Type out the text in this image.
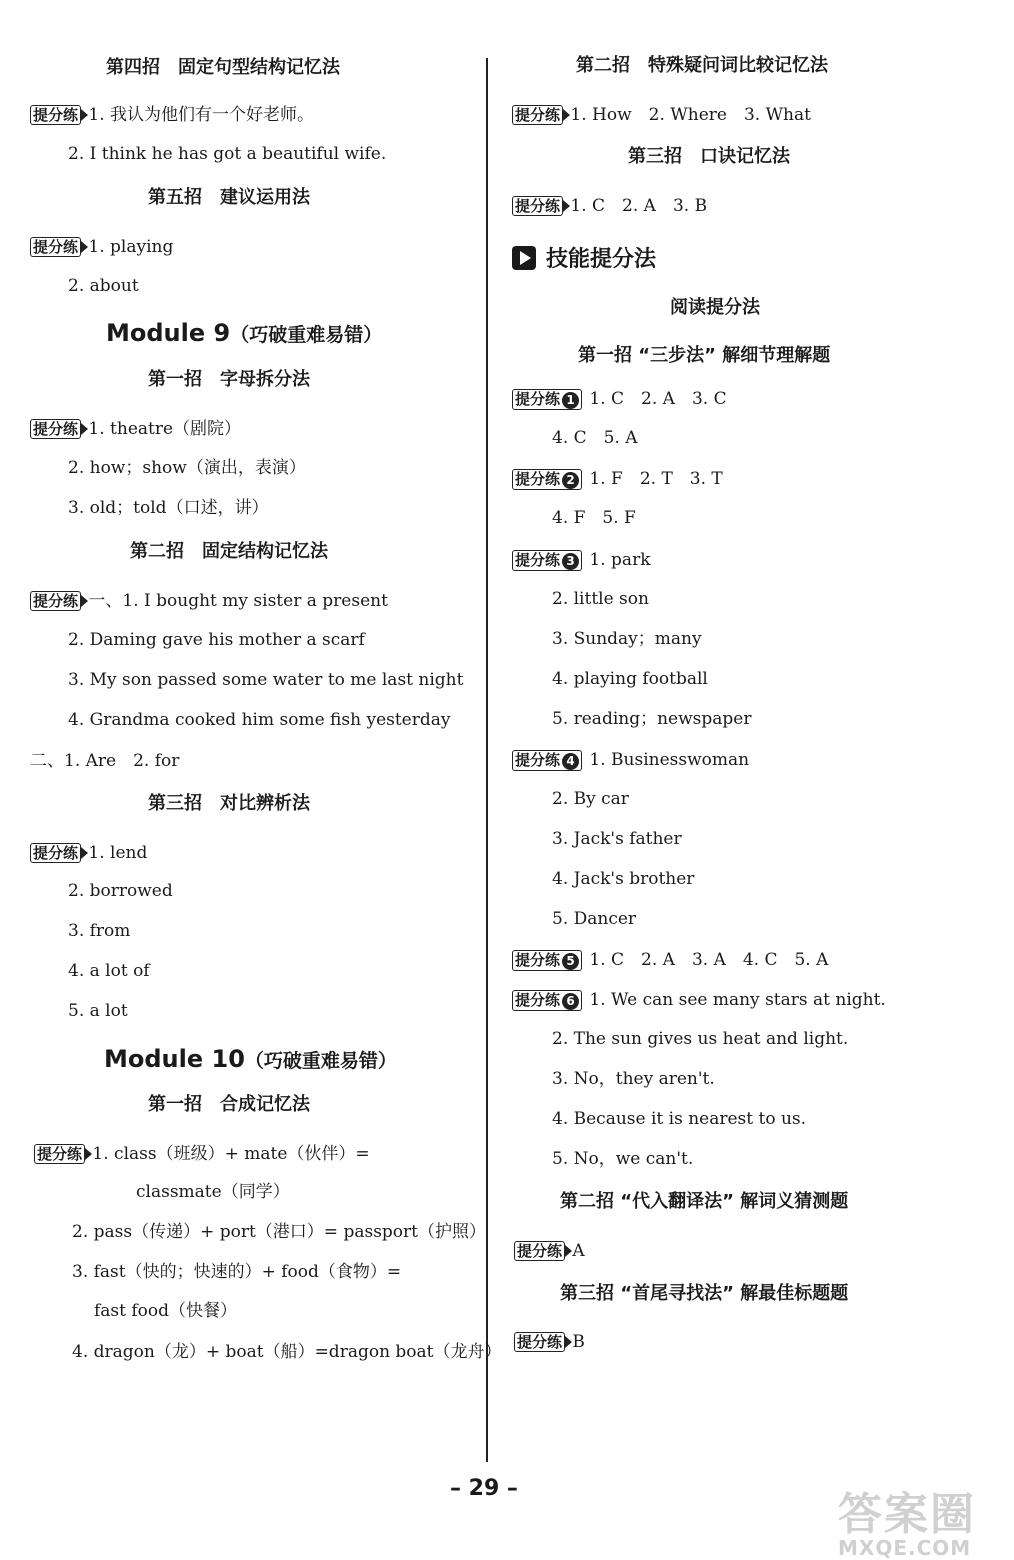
第四招　固定句型结构记忆法
提分练 1. 我认为他们有一个好老师。
2. I think he has got a beautiful wife.
第五招　建议运用法
提分练 1. playing
2. about
Module 9（巧破重难易错）
第一招　字母拆分法
提分练 1. theatre（剧院）
2. how；show（演出，表演）
3. old；told（口述，讲）
第二招　固定结构记忆法
提分练 一、1. I bought my sister a present
2. Daming gave his mother a scarf
3. My son passed some water to me last night
4. Grandma cooked him some fish yesterday
二、1. Are　2. for
第三招　对比辨析法
提分练 1. lend
2. borrowed
3. from
4. a lot of
5. a lot
Module 10（巧破重难易错）
第一招　合成记忆法
提分练 1. class（班级）+ mate（伙伴）=
classmate（同学）
2. pass（传递）+ port（港口）= passport（护照）
3. fast（快的；快速的）+ food（食物）=
fast food（快餐）
4. dragon（龙）+ boat（船）=dragon boat（龙舟）
第二招　特殊疑问词比较记忆法
提分练 1. How　2. Where　3. What
第三招　口诀记忆法
提分练 1. C　2. A　3. B
技能提分法
阅读提分法
第一招 “三步法” 解细节理解题
提分练 1 1. C　2. A　3. C
4. C　5. A
提分练 2 1. F　2. T　3. T
4. F　5. F
提分练 3 1. park
2. little son
3. Sunday；many
4. playing football
5. reading；newspaper
提分练 4 1. Businesswoman
2. By car
3. Jack's father
4. Jack's brother
5. Dancer
提分练 5 1. C　2. A　3. A　4. C　5. A
提分练 6 1. We can see many stars at night.
2. The sun gives us heat and light.
3. No，they aren't.
4. Because it is nearest to us.
5. No，we can't.
第二招 “代入翻译法” 解词义猜测题
提分练 A
第三招 “首尾寻找法” 解最佳标题题
提分练 B
– 29 –
答案圈
MXQE.COM
